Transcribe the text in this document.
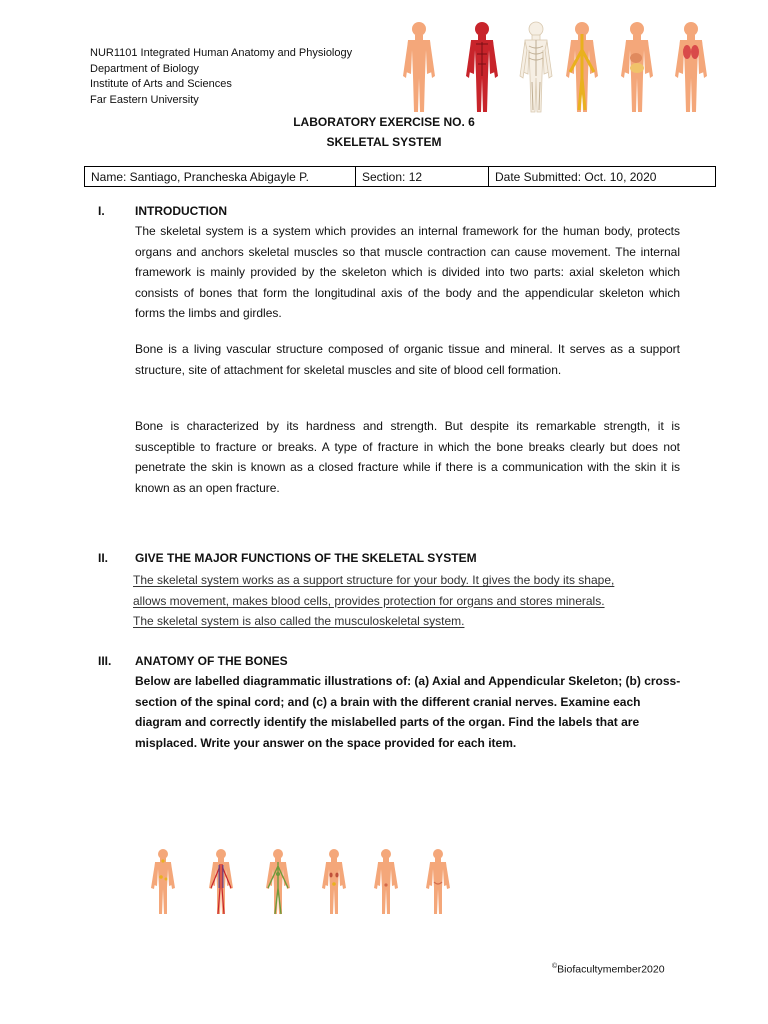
NUR1101 Integrated Human Anatomy and Physiology
Department of Biology
Institute of Arts and Sciences
Far Eastern University
LABORATORY EXERCISE NO. 6
SKELETAL SYSTEM
Name: Santiago, Prancheska Abigayle P.	Section: 12	Date Submitted: Oct. 10, 2020
I.	INTRODUCTION
The skeletal system is a system which provides an internal framework for the human body, protects organs and anchors skeletal muscles so that muscle contraction can cause movement. The internal framework is mainly provided by the skeleton which is divided into two parts: axial skeleton which consists of bones that form the longitudinal axis of the body and the appendicular skeleton which forms the limbs and girdles.
Bone is a living vascular structure composed of organic tissue and mineral. It serves as a support structure, site of attachment for skeletal muscles and site of blood cell formation.
Bone is characterized by its hardness and strength. But despite its remarkable strength, it is susceptible to fracture or breaks. A type of fracture in which the bone breaks clearly but does not penetrate the skin is known as a closed fracture while if there is a communication with the skin it is known as an open fracture.
II. GIVE THE MAJOR FUNCTIONS OF THE SKELETAL SYSTEM
The skeletal system works as a support structure for your body. It gives the body its shape,
allows movement, makes blood cells, provides protection for organs and stores minerals.
The skeletal system is also called the musculoskeletal system.
III. ANATOMY OF THE BONES
Below are labelled diagrammatic illustrations of: (a) Axial and Appendicular Skeleton; (b) cross-section of the spinal cord; and (c) a brain with the different cranial nerves. Examine each diagram and correctly identify the mislabelled parts of the organ. Find the labels that are misplaced. Write your answer on the space provided for each item.
©Biofacultymember2020
